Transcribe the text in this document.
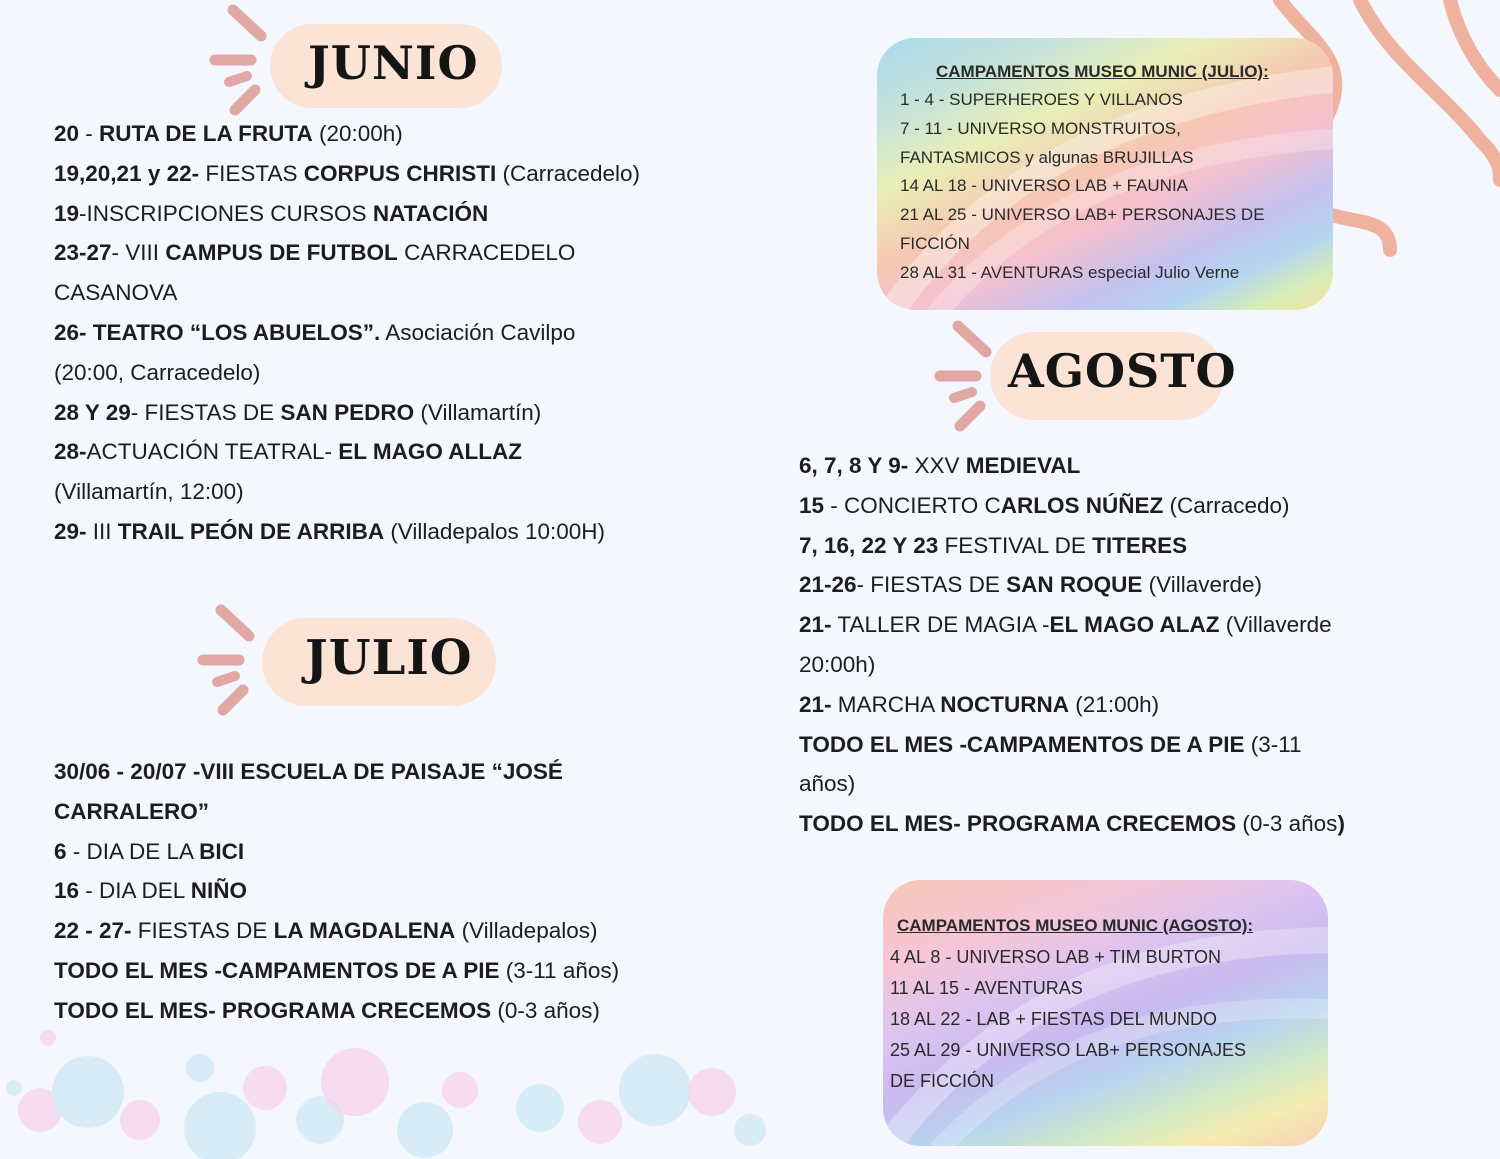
JUNIO
20 - RUTA DE LA FRUTA (20:00h)
19,20,21 y 22- FIESTAS CORPUS CHRISTI (Carracedelo)
19-INSCRIPCIONES CURSOS NATACIÓN
23-27- VIII CAMPUS DE FUTBOL CARRACEDELO
CASANOVA
26- TEATRO “LOS ABUELOS”. Asociación Cavilpo
(20:00, Carracedelo)
28 Y 29- FIESTAS DE SAN PEDRO (Villamartín)
28-ACTUACIÓN TEATRAL- EL MAGO ALLAZ
(Villamartín, 12:00)
29- III TRAIL PEÓN DE ARRIBA (Villadepalos 10:00H)
JULIO
30/06 - 20/07 -VIII ESCUELA DE PAISAJE “JOSÉ
CARRALERO”
6 - DIA DE LA BICI
16 - DIA DEL NIÑO
22 - 27- FIESTAS DE LA MAGDALENA (Villadepalos)
TODO EL MES -CAMPAMENTOS DE A PIE (3-11 años)
TODO EL MES- PROGRAMA CRECEMOS (0-3 años)
CAMPAMENTOS MUSEO MUNIC (JULIO):
1 - 4 - SUPERHEROES Y VILLANOS
7 - 11 - UNIVERSO MONSTRUITOS,
FANTASMICOS y algunas BRUJILLAS
14 AL 18 - UNIVERSO LAB + FAUNIA
21 AL 25 - UNIVERSO LAB+ PERSONAJES DE
FICCIÓN
28 AL 31 - AVENTURAS especial Julio Verne
AGOSTO
6, 7, 8 Y 9- XXV MEDIEVAL
15 - CONCIERTO CARLOS NÚÑEZ (Carracedo)
7, 16, 22 Y 23 FESTIVAL DE TITERES
21-26- FIESTAS DE SAN ROQUE (Villaverde)
21- TALLER DE MAGIA -EL MAGO ALAZ (Villaverde
20:00h)
21- MARCHA NOCTURNA (21:00h)
TODO EL MES -CAMPAMENTOS DE A PIE (3-11
años)
TODO EL MES- PROGRAMA CRECEMOS (0-3 años)
CAMPAMENTOS MUSEO MUNIC (AGOSTO):
4 AL 8 - UNIVERSO LAB + TIM BURTON
11 AL 15 - AVENTURAS
18 AL 22 - LAB + FIESTAS DEL MUNDO
25 AL 29 - UNIVERSO LAB+ PERSONAJES
DE FICCIÓN
